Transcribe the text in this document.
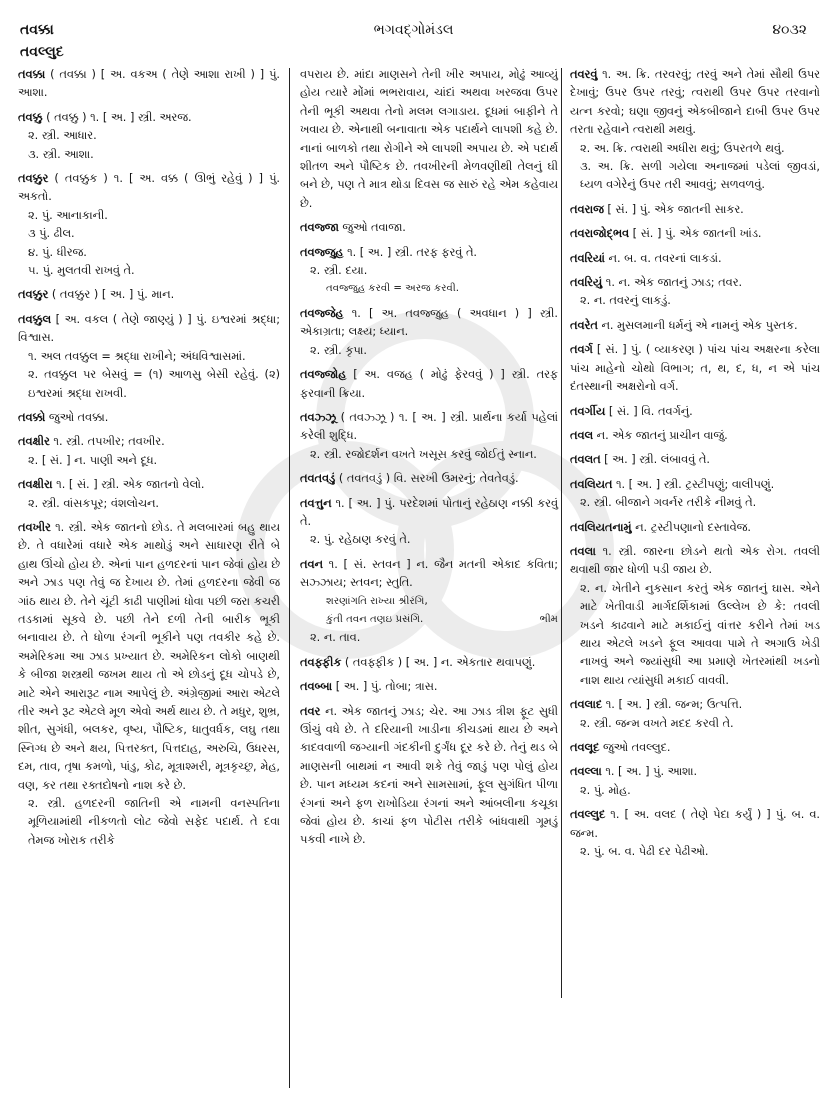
તવક્કા	ભગવદ્ગોમંડલ	૪૦૩૨
તવલ્લુદ
તવક્કા ( તવક્કા ) [ અ. વકઅ ( તેણે આશા રાખી ) ] પું. આશા.
તવક્કુ ( તવક્કુ ) ૧. [ અ. ] સ્ત્રી. અરજ.
૨. સ્ત્રી. આધાર.
૩. સ્ત્રી. આશા.
તવક્કુર ( તવક્કુક ) ૧. [ અ. વક્ક ( ઊભું રહેવું ) ] પું. અકતો.
૨. પું. આનાકાની.
૩ પું. ઢીલ.
૪. પું. ધીરજ.
૫. પું. મુલતવી રાખવું તે.
તવક્કુર ( તવક્કુર ) [ અ. ] પું. માન.
તવક્કુલ [ અ. વકલ ( તેણે જાણ્યું ) ] પું. ઇશ્વરમાં શ્રદ્ધા; વિશ્વાસ.
૧. અલ તવક્કુલ = શ્રદ્ધા રાખીને; અંધવિશ્વાસમાં.
૨. તવક્કુલ પર બેસવું = (૧) આળસુ બેસી રહેવું. (૨) ઇશ્વરમાં શ્રદ્ધા રાખવી.
તવક્કો જુઓ તવક્કા.
તવક્ષીર ૧. સ્ત્રી. તપખીર; તવખીર.
૨. [ સં. ] ન. પાણી અને દૂધ.
તવક્ષીરા ૧. [ સં. ] સ્ત્રી. એક જાતનો વેલો.
૨. સ્ત્રી. વાંસકપૂર; વંશલોચન.
તવખીર ૧. સ્ત્રી. એક જાતનો છોડ. તે મલબારમાં બહુ થાય છે. તે વધારેમાં વધારે એક માથોડું અને સાધારણ રીતે બે હાથ ઊંચો હોય છે. એનાં પાન હળદરનાં પાન જેવાં હોય છે અને ઝાડ પણ તેવું જ દેખાય છે. તેમાં હળદરના જેવી જ ગાંઠ થાય છે. તેને ચૂંટી કાઢી પાણીમાં ધોવા પછી જરા કચરી તડકામાં સૂકવે છે. પછી તેને દળી તેની બારીક ભૂકી બનાવાય છે. તે ધોળા રંગની ભૂકીને પણ તવકીર કહે છે. અમેરિકમા આ ઝાડ પ્રખ્યાત છે. અમેરિકન લોકો બાણથી કે બીજા શસ્ત્રથી જખમ થાય તો એ છોડનું દૂધ ચોપડે છે, માટે એને આરારૂટ નામ આપેલું છે. અંગ્રેજીમાં આરા એટલે તીર અને રૂટ એટલે મૂળ એવો અર્થ થાય છે. તે મધુર, શુભ્ર, શીત, સુગંધી, બલકર, વૃષ્ય, પૌષ્ટિક, ધાતુવર્ધક, લઘુ તથા સ્નિગ્ધ છે અને ક્ષય, પિત્તરક્ત, પિત્તદાહ, અરુચિ, ઉધરસ, દમ, તાવ, તૃષા કમળો, પાંડુ, કોઢ, મૂત્રાશ્મરી, મૂત્રકૃચ્છ્ર, મેહ, વણ, કર તથા રક્તદોષનો નાશ કરે છે.
૨. સ્ત્રી. હળદરની જાતિની એ નામની વનસ્પતિના મૂળિયામાંથી નીકળતો લોટ જેવો સફેદ પદાર્થ. તે દવા તેમજ ખોરાક તરીકે
વપરાય છે. માંદા માણસને તેની ખીર અપાય, મોઢું આવ્યું હોય ત્યારે મોંમાં ભભરાવાય, ચાંદાં અથવા ખરજવા ઉપર તેની ભૂકી અથવા તેનો મલમ લગાડાય. દૂધમાં બાફીને તે ખવાય છે. એનાથી બનાવાતા એક પદાર્થને લાપશી કહે છે. નાનાં બાળકો તથા રોગીને એ લાપશી અપાય છે. એ પદાર્થ શીતળ અને પૌષ્ટિક છે. તવખીરની મેળવણીથી તેલનું ઘી બને છે, પણ તે માત્ર થોડા દિવસ જ સારું રહે એમ કહેવાય છે.
તવજ્જા જુઓ તવાજા.
તવજ્જુહ ૧. [ અ. ] સ્ત્રી. તરફ ફરવું તે.
૨. સ્ત્રી. દયા.
તવજ્જુહ કરવી = અરજ કરવી.
તવજ્જેહ ૧. [ અ. તવજ્જુહ ( અવધાન ) ] સ્ત્રી. એકાગ્રતા; લક્ષ્ય; ધ્યાન.
૨. સ્ત્રી. કૃપા.
તવજ્જોહ [ અ. વજહ ( મોઢું ફેરવવું ) ] સ્ત્રી. તરફ ફરવાની ક્રિયા.
તવઝ્ઝૂ ( તવઝ્ઝૂ ) ૧. [ અ. ] સ્ત્રી. પ્રાર્થના કર્યા પહેલાં કરેલી શુદ્ધિ.
૨. સ્ત્રી. રજોદર્શન વખતે ખસૂસ કરવું જોઈતું સ્નાન.
તવતવડું ( તવતવડું ) વિ. સરખી ઉમરનું; તેવતેવડું.
તવત્તુન ૧. [ અ. ] પું. પરદેશમાં પોતાનું રહેઠાણ નક્કી કરવું તે.
૨. પું. રહેઠાણ કરવું તે.
તવન ૧. [ સં. સ્તવન ] ન. જૈન મતની એકાદ કવિતા; સઝ્ઝાય; સ્તવન; સ્તુતિ.
શરણાંગતિ રાખ્યા શ્રીરંગિ,
કુંતી તવન તણઇ પ્રસંગિ.	ભીમ
૨. ન. તાવ.
તવફ્ફીક ( તવફ્ફીક ) [ અ. ] ન. એકતાર થવાપણું.
તવબ્બા [ અ. ] પું. તોબા; ત્રાસ.
તવર ન. એક જાતનું ઝાડ; ચેર. આ ઝાડ ત્રીશ ફૂટ સુધી ઊંચું વધે છે. તે દરિયાની ખાડીના કીચડમાં થાય છે અને કાદવવાળી જગ્યાની ગંદકીની દુર્ગંધ દૂર કરે છે. તેનું થડ બે માણસની બાથમાં ન આવી શકે તેવું જાડું પણ પોલું હોય છે. પાન મધ્યમ કદનાં અને સામસામાં, ફૂલ સુગંધિત પીળા રંગનાં અને ફળ રાખોડિયા રંગનાં અને આંબલીના કચૂકા જેવાં હોય છે. કાચાં ફળ પોટીસ તરીકે બાંધવાથી ગૂમડું પકવી નાખે છે.
તવરવું ૧. અ. ક્રિ. તરવરવું; તરવું અને તેમાં સૌથી ઉપર દેખાવું; ઉપર ઉપર તરવું; ત્વરાથી ઉપર ઉપર તરવાનો યત્ન કરવો; ઘણા જીવનું એકબીજાને દાબી ઉપર ઉપર તરતા રહેવાને ત્વરાથી મથવું.
૨. અ. ક્રિ. ત્વરાથી અધીરા થવું; ઉપરતળે થવું.
૩. અ. ક્રિ. સળી ગયેલા અનાજમાં પડેલાં જીવડાં, ધ્યળ વગેરેનું ઉપર તરી આવવું; સળવળવું.
તવરાજ [ સં. ] પું. એક જાતની સાકર.
તવરાજોદ્ભવ [ સં. ] પું. એક જાતની ખાંડ.
તવરિયાં ન. બ. વ. તવરનાં લાકડાં.
તવરિયું ૧. ન. એક જાતનું ઝાડ; તવર.
૨. ન. તવરનું લાકડું.
તવરેત ન. મુસલમાની ધર્મનું એ નામનું એક પુસ્તક.
તવર્ગ [ સં. ] પું. ( વ્યાકરણ ) પાંચ પાંચ અક્ષરના કરેલા પાંચ માહેનો ચોથો વિભાગ; ત, થ, દ, ધ, ન એ પાંચ દંતસ્થાની અક્ષરોનો વર્ગ.
તવર્ગીય [ સં. ] વિ. તવર્ગનું.
તવલ ન. એક જાતનું પ્રાચીન વાજું.
તવલત [ અ. ] સ્ત્રી. લંબાવવું તે.
તવલિયત ૧. [ અ. ] સ્ત્રી. ટ્રસ્ટીપણું; વાલીપણું.
૨. સ્ત્રી. બીજાને ગવર્નર તરીકે નીમવું તે.
તવલિયતનામું ન. ટ્રસ્ટીપણાનો દસ્તાવેજ.
તવલા ૧. સ્ત્રી. જારના છોડને થતો એક રોગ. તવલી થવાથી જાર ધોળી પડી જાય છે.
૨. ન. ખેતીને નુકસાન કરતું એક જાતનું ઘાસ. એને માટે ખેતીવાડી માર્ગદર્શિકામાં ઉલ્લેખ છે કે: તવલી ખડને કાઢવાને માટે મકાઈનું વાંત્તર કરીને તેમાં ખડ થાય એટલે ખડને ફૂલ આવવા પામે તે અગાઉ ખેડી નાખવું અને જ્યાંસુધી આ પ્રમાણે ખેતરમાંથી ખડનો નાશ થાય ત્યાંસુધી મકાઈ વાવવી.
તવલાદ ૧. [ અ. ] સ્ત્રી. જન્મ; ઉત્પત્તિ.
૨. સ્ત્રી. જન્મ વખતે મદદ કરવી તે.
તવલૂદ જુઓ તવલ્લુદ.
તવલ્લા ૧. [ અ. ] પું. આશા.
૨. પું. મોહ.
તવલ્લુદ ૧. [ અ. વલદ ( તેણે પેદા કર્યું ) ] પું. બ. વ. જન્મ.
૨. પું. બ. વ. પેઢી દર પેઢીઓ.
